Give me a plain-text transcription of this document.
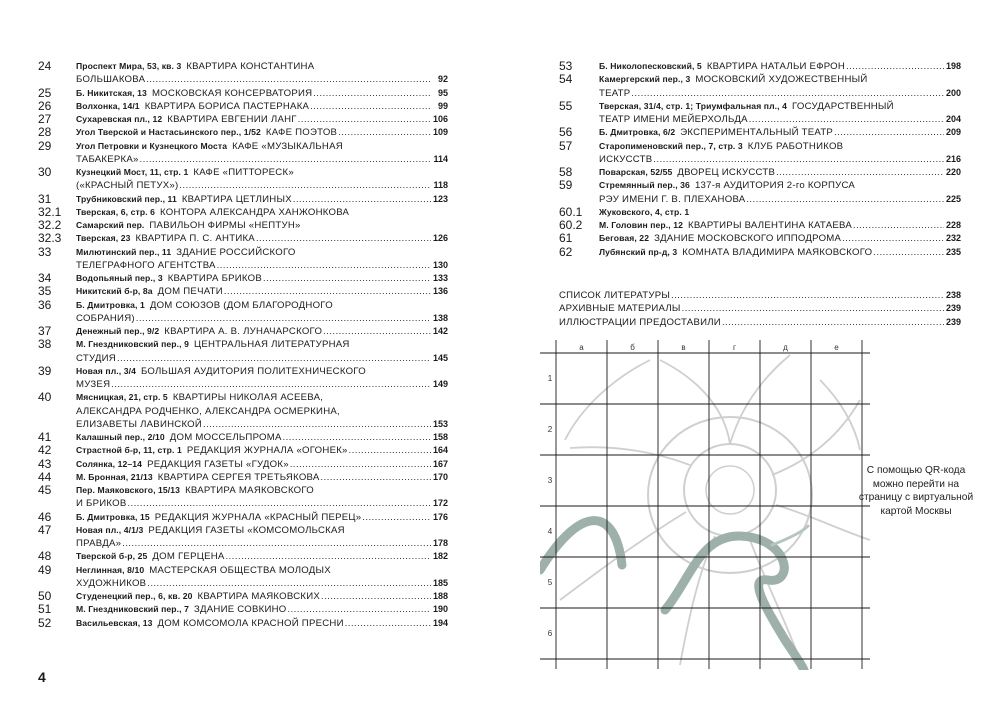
24	Проспект Мира, 53, кв. 3 КВАРТИРА КОНСТАНТИНА
БОЛЬШАКОВА .....	92
25	Б. Никитская, 13 МОСКОВСКАЯ КОНСЕРВАТОРИЯ .....	95
26	Волхонка, 14/1 КВАРТИРА БОРИСА ПАСТЕРНАКА .....	99
27	Сухаревская пл., 12 КВАРТИРА ЕВГЕНИИ ЛАНГ .....	106
28	Угол Тверской и Настасьинского пер., 1/52 КАФЕ ПОЭТОВ .....	109
29	Угол Петровки и Кузнецкого Моста КАФЕ «МУЗЫКАЛЬНАЯ
ТАБАКЕРКА» .....	114
30	Кузнецкий Мост, 11, стр. 1 КАФЕ «ПИТТОРЕСК»
(«КРАСНЫЙ ПЕТУХ») .....	118
31	Трубниковский пер., 11 КВАРТИРА ЦЕТЛИНЫХ .....	123
32.1 Тверская, 6, стр. 6 КОНТОРА АЛЕКСАНДРА ХАНЖОНКОВА
32.2 Самарский пер. ПАВИЛЬОН ФИРМЫ «НЕПТУН»
32.3 Тверская, 23 КВАРТИРА П. С. АНТИКА .....	126
33	Милютинский пер., 11 ЗДАНИЕ РОССИЙСКОГО
ТЕЛЕГРАФНОГО АГЕНТСТВА .....	130
34	Водопьяный пер., 3 КВАРТИРА БРИКОВ .....	133
35	Никитский б-р, 8а ДОМ ПЕЧАТИ .....	136
36	Б. Дмитровка, 1 ДОМ СОЮЗОВ (ДОМ БЛАГОРОДНОГО
СОБРАНИЯ) .....	138
37	Денежный пер., 9/2 КВАРТИРА А. В. ЛУНАЧАРСКОГО .....	142
38	М. Гнездниковский пер., 9 ЦЕНТРАЛЬНАЯ ЛИТЕРАТУРНАЯ
СТУДИЯ .....	145
39	Новая пл., 3/4 БОЛЬШАЯ АУДИТОРИЯ ПОЛИТЕХНИЧЕСКОГО
МУЗЕЯ .....	149
40	Мясницкая, 21, стр. 5 КВАРТИРЫ НИКОЛАЯ АСЕЕВА,
АЛЕКСАНДРА РОДЧЕНКО, АЛЕКСАНДРА ОСМЕРКИНА,
ЕЛИЗАВЕТЫ ЛАВИНСКОЙ .....	153
41	Калашный пер., 2/10 ДОМ МОССЕЛЬПРОМА .....	158
42	Страстной б-р, 11, стр. 1 РЕДАКЦИЯ ЖУРНАЛА «ОГОНЕК» .....	164
43	Солянка, 12–14 РЕДАКЦИЯ ГАЗЕТЫ «ГУДОК» .....	167
44	М. Бронная, 21/13 КВАРТИРА СЕРГЕЯ ТРЕТЬЯКОВА .....	170
45	Пер. Маяковского, 15/13 КВАРТИРА МАЯКОВСКОГО
И БРИКОВ .....	172
46	Б. Дмитровка, 15 РЕДАКЦИЯ ЖУРНАЛА «КРАСНЫЙ ПЕРЕЦ» .....	176
47	Новая пл., 4/1/3 РЕДАКЦИЯ ГАЗЕТЫ «КОМСОМОЛЬСКАЯ
ПРАВДА» .....	178
48	Тверской б-р, 25 ДОМ ГЕРЦЕНА .....	182
49	Неглинная, 8/10 МАСТЕРСКАЯ ОБЩЕСТВА МОЛОДЫХ
ХУДОЖНИКОВ .....	185
50	Студенецкий пер., 6, кв. 20 КВАРТИРА МАЯКОВСКИХ .....	188
51	М. Гнездниковский пер., 7 ЗДАНИЕ СОВКИНО .....	190
52	Васильевская, 13 ДОМ КОМСОМОЛА КРАСНОЙ ПРЕСНИ .....	194
53	Б. Николопесковский, 5 КВАРТИРА НАТАЛЬИ ЕФРОН .....	198
54	Камергерский пер., 3 МОСКОВСКИЙ ХУДОЖЕСТВЕННЫЙ
ТЕАТР .....	200
55	Тверская, 31/4, стр. 1; Триумфальная пл., 4 ГОСУДАРСТВЕННЫЙ
ТЕАТР ИМЕНИ МЕЙЕРХОЛЬДА .....	204
56	Б. Дмитровка, 6/2 ЭКСПЕРИМЕНТАЛЬНЫЙ ТЕАТР .....	209
57	Старопименовский пер., 7, стр. 3 КЛУБ РАБОТНИКОВ
ИСКУССТВ .....	216
58	Поварская, 52/55 ДВОРЕЦ ИСКУССТВ .....	220
59	Стремянный пер., 36 137-я АУДИТОРИЯ 2-го КОРПУСА
РЭУ ИМЕНИ Г. В. ПЛЕХАНОВА .....	225
60.1 Жуковского, 4, стр. 1
60.2 М. Головин пер., 12 КВАРТИРЫ ВАЛЕНТИНА КАТАЕВА .....	228
61	Беговая, 22 ЗДАНИЕ МОСКОВСКОГО ИППОДРОМА .....	232
62	Лубянский пр-д, 3 КОМНАТА ВЛАДИМИРА МАЯКОВСКОГО .....	235
СПИСОК ЛИТЕРАТУРЫ .....	238
АРХИВНЫЕ МАТЕРИАЛЫ .....	239
ИЛЛЮСТРАЦИИ ПРЕДОСТАВИЛИ .....	239
а	б	в	г	д	е
1
2
3
4
5
6
С помощью QR-кода можно перейти на страницу с виртуальной картой Москвы
4
